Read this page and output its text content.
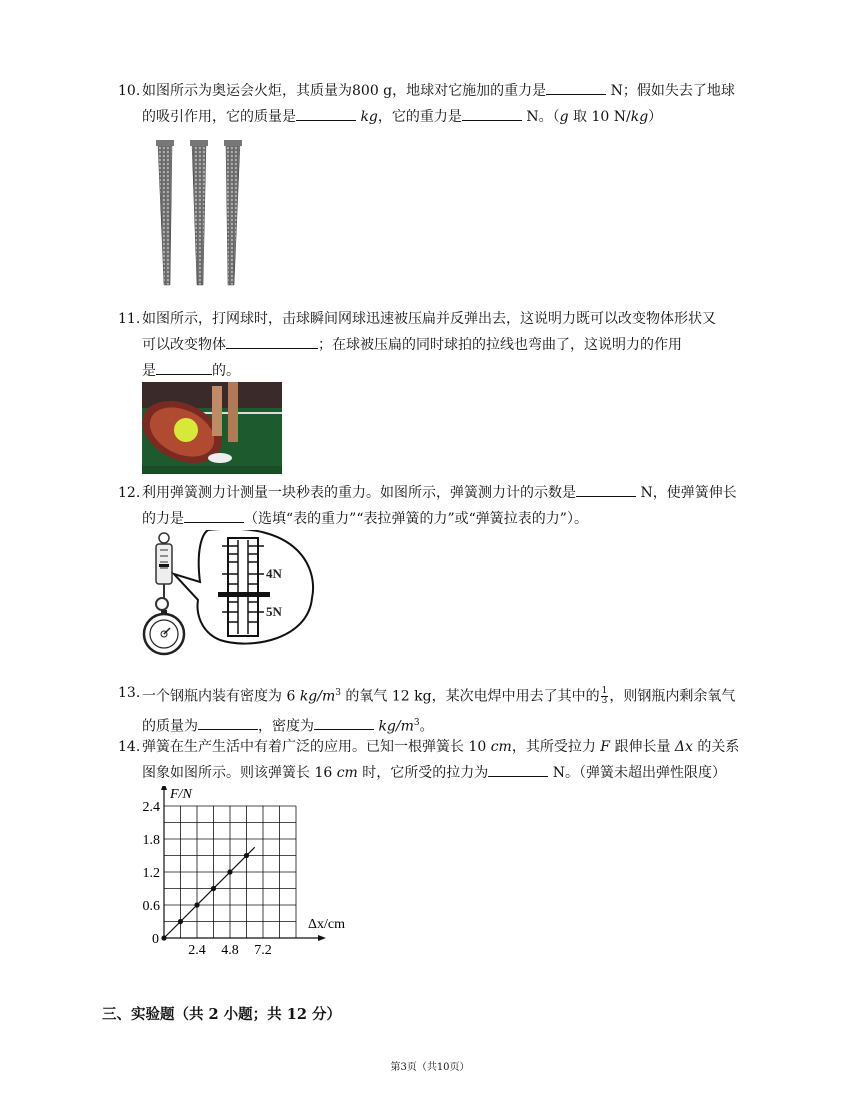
10. 如图所示为奥运会火炬，其质量为800 g，地球对它施加的重力是	N；假如失去了地球
的吸引作用，它的质量是	kg，它的重力是	N。（g 取 10 N/kg）
11. 如图所示，打网球时，击球瞬间网球迅速被压扁并反弹出去，这说明力既可以改变物体形状又
可以改变物体	；在球被压扁的同时球拍的拉线也弯曲了，这说明力的作用
是	的。
12. 利用弹簧测力计测量一块秒表的重力。如图所示，弹簧测力计的示数是	N，使弹簧伸长
的力是	（选填“表的重力”“表拉弹簧的力”或“弹簧拉表的力”）。
4N
5N
13. 一个钢瓶内装有密度为 6 $kg/m^3$ 的氧气 12 kg，某次电焊中用去了其中的 $\frac{1}{3}$ ，则钢瓶内剩余氧气
的质量为	，密度为	$kg/m^3$。
14. 弹簧在生产生活中有着广泛的应用。已知一根弹簧长 10 cm，其所受拉力 F 跟伸长量 Δx 的关系
图象如图所示。则该弹簧长 16 cm 时，它所受的拉力为	N。（弹簧未超出弹性限度）
0.6
1.2
1.8
2.4
2.4 4.8 7.2
F/N
Δx/cm
0
三、实验题（共 2 小题；共 12 分）
第3页（共10页）
